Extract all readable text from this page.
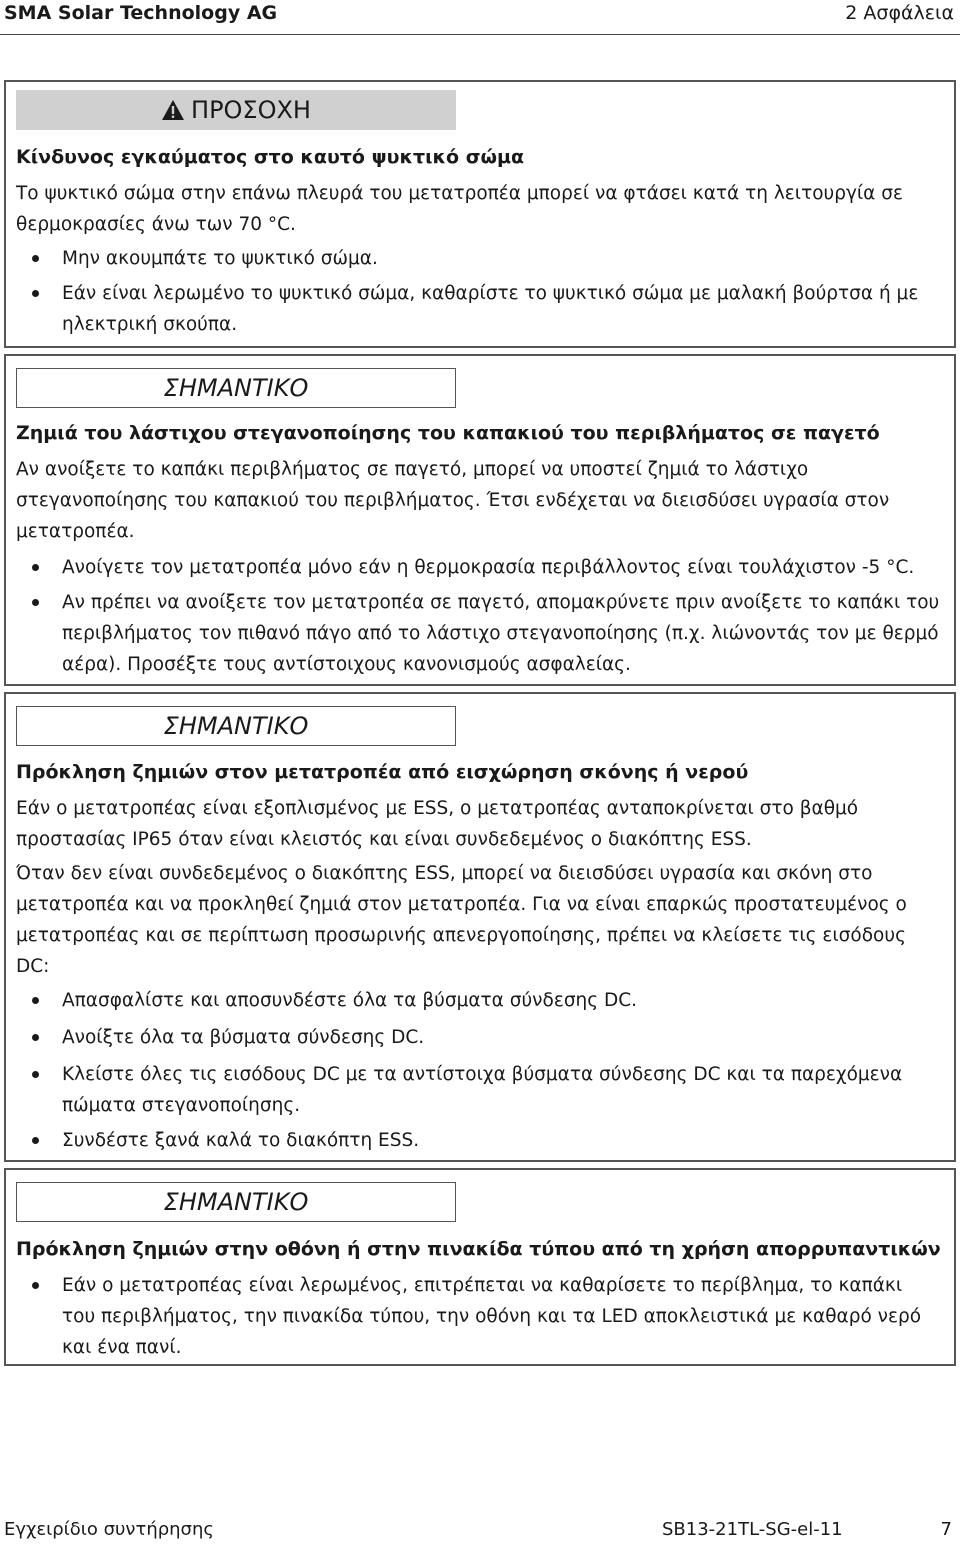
SMA Solar Technology AG	2 Ασφάλεια
ΠΡΟΣΟΧΗ
Κίνδυνος εγκαύματος στο καυτό ψυκτικό σώμα
Το ψυκτικό σώμα στην επάνω πλευρά του μετατροπέα μπορεί να φτάσει κατά τη λειτουργία σε θερμοκρασίες άνω των 70 °C.
Μην ακουμπάτε το ψυκτικό σώμα.
Εάν είναι λερωμένο το ψυκτικό σώμα, καθαρίστε το ψυκτικό σώμα με μαλακή βούρτσα ή με ηλεκτρική σκούπα.
ΣΗΜΑΝΤΙΚΟ
Ζημιά του λάστιχου στεγανοποίησης του καπακιού του περιβλήματος σε παγετό
Αν ανοίξετε το καπάκι περιβλήματος σε παγετό, μπορεί να υποστεί ζημιά το λάστιχο στεγανοποίησης του καπακιού του περιβλήματος. Έτσι ενδέχεται να διεισδύσει υγρασία στον μετατροπέα.
Ανοίγετε τον μετατροπέα μόνο εάν η θερμοκρασία περιβάλλοντος είναι τουλάχιστον -5 °C.
Αν πρέπει να ανοίξετε τον μετατροπέα σε παγετό, απομακρύνετε πριν ανοίξετε το καπάκι του περιβλήματος τον πιθανό πάγο από το λάστιχο στεγανοποίησης (π.χ. λιώνοντάς τον με θερμό αέρα). Προσέξτε τους αντίστοιχους κανονισμούς ασφαλείας.
ΣΗΜΑΝΤΙΚΟ
Πρόκληση ζημιών στον μετατροπέα από εισχώρηση σκόνης ή νερού
Εάν ο μετατροπέας είναι εξοπλισμένος με ESS, ο μετατροπέας ανταποκρίνεται στο βαθμό προστασίας IP65 όταν είναι κλειστός και είναι συνδεδεμένος ο διακόπτης ESS.
Όταν δεν είναι συνδεδεμένος ο διακόπτης ESS, μπορεί να διεισδύσει υγρασία και σκόνη στο μετατροπέα και να προκληθεί ζημιά στον μετατροπέα. Για να είναι επαρκώς προστατευμένος ο μετατροπέας και σε περίπτωση προσωρινής απενεργοποίησης, πρέπει να κλείσετε τις εισόδους DC:
Απασφαλίστε και αποσυνδέστε όλα τα βύσματα σύνδεσης DC.
Ανοίξτε όλα τα βύσματα σύνδεσης DC.
Κλείστε όλες τις εισόδους DC με τα αντίστοιχα βύσματα σύνδεσης DC και τα παρεχόμενα πώματα στεγανοποίησης.
Συνδέστε ξανά καλά το διακόπτη ESS.
ΣΗΜΑΝΤΙΚΟ
Πρόκληση ζημιών στην οθόνη ή στην πινακίδα τύπου από τη χρήση απορρυπαντικών
Εάν ο μετατροπέας είναι λερωμένος, επιτρέπεται να καθαρίσετε το περίβλημα, το καπάκι του περιβλήματος, την πινακίδα τύπου, την οθόνη και τα LED αποκλειστικά με καθαρό νερό και ένα πανί.
Εγχειρίδιο συντήρησης	SB13-21TL-SG-el-11	7
